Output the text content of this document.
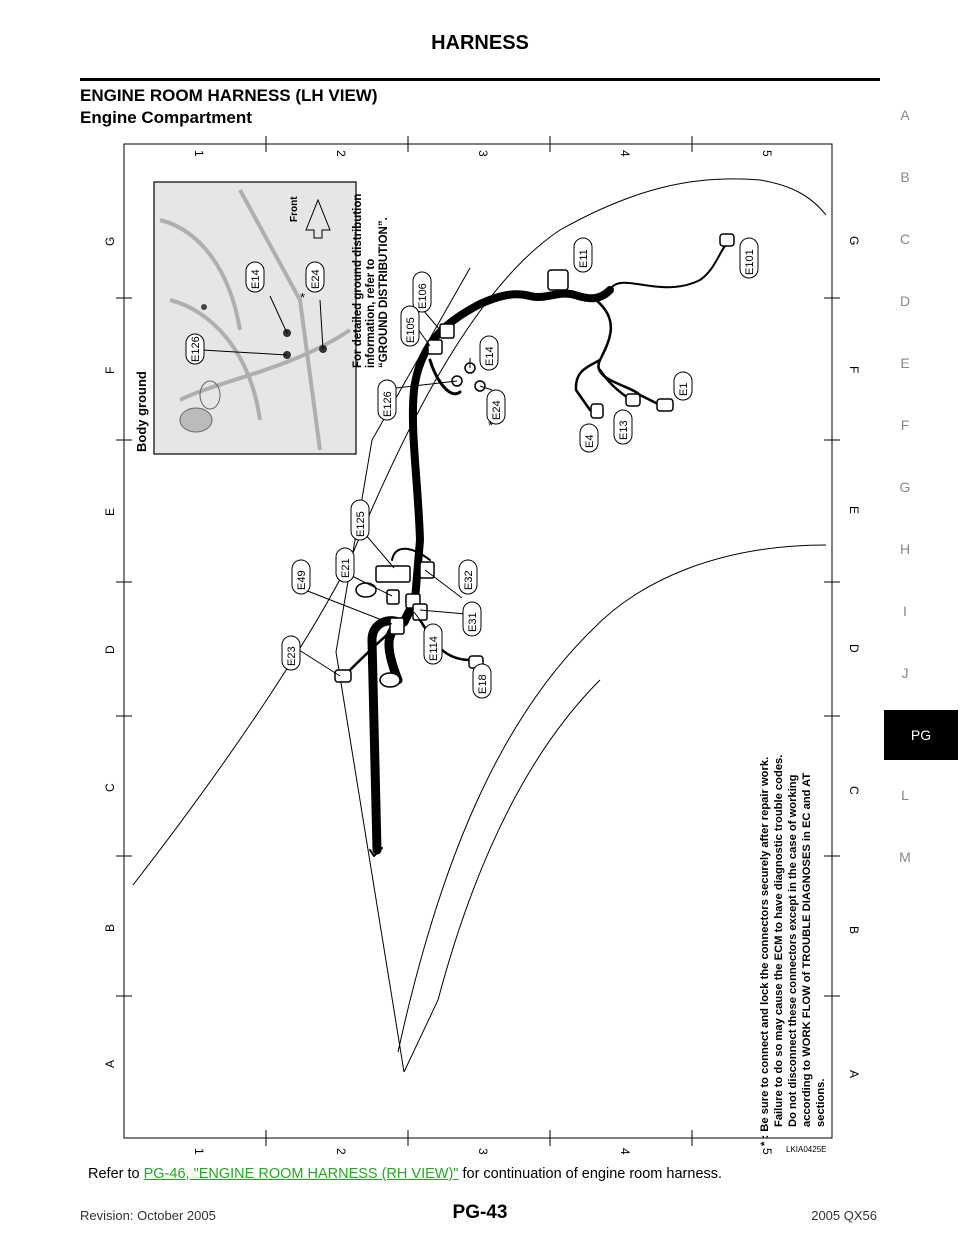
HARNESS
ENGINE ROOM HARNESS (LH VIEW)
Engine Compartment	A
B
C
D
E
F
G
H
I
J
PG
L
M
1	2	3	4	5
1	2	3	4	5
A
B
C
D
E
F
G
A
B
C
D
E
F
G
Front
Body ground
E126
E14	E24
*	For detailed ground distribution information, refer to “GROUND DISTRIBUTION”.	E11	E101
E106
E105
E14
E126	E24
E1
E13
E4
E125
E21
E49	E32
E31
E114
E23
E18
*
* : Be sure to connect and lock the connectors securely after repair work. Failure to do so may cause the ECM to have diagnostic trouble codes. Do not disconnect these connectors except in the case of working according to WORK FLOW of TROUBLE DIAGNOSES in EC and AT sections.
LKIA0425E
Refer to PG-46, "ENGINE ROOM HARNESS (RH VIEW)" for continuation of engine room harness.
Revision: October 2005	PG-43	2005 QX56
